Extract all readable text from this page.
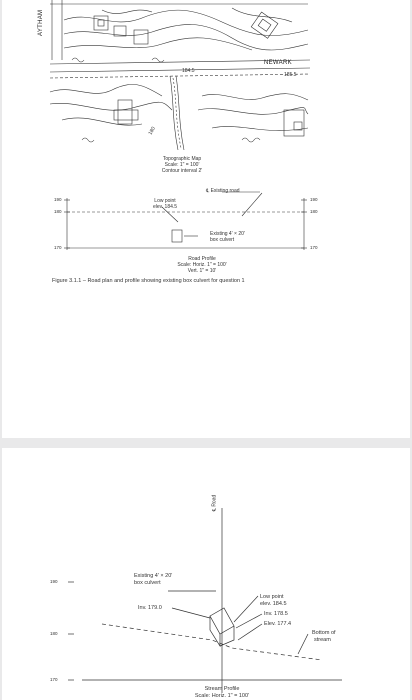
AYTHAM
NEWARK
184.5
185.5
180
Topographic Map
Scale: 1" = 100'
Contour interval 2'
℄ Existing road
Low point
elev. 184.5
Existing 4' × 20'
box culvert
190
180
170
190
180
170
Road Profile
Scale: Horiz. 1" = 100'
Vert. 1" = 10'
Figure 3.1.1 – Road plan and profile showing existing box culvert for question 1
℄ Road
Existing 4' × 20'
box culvert
Inv. 179.0
Low point
elev. 184.5
Inv. 178.5
Elev. 177.4
Bottom of
stream
190
180
170
Stream Profile
Scale: Horiz. 1" = 100'
